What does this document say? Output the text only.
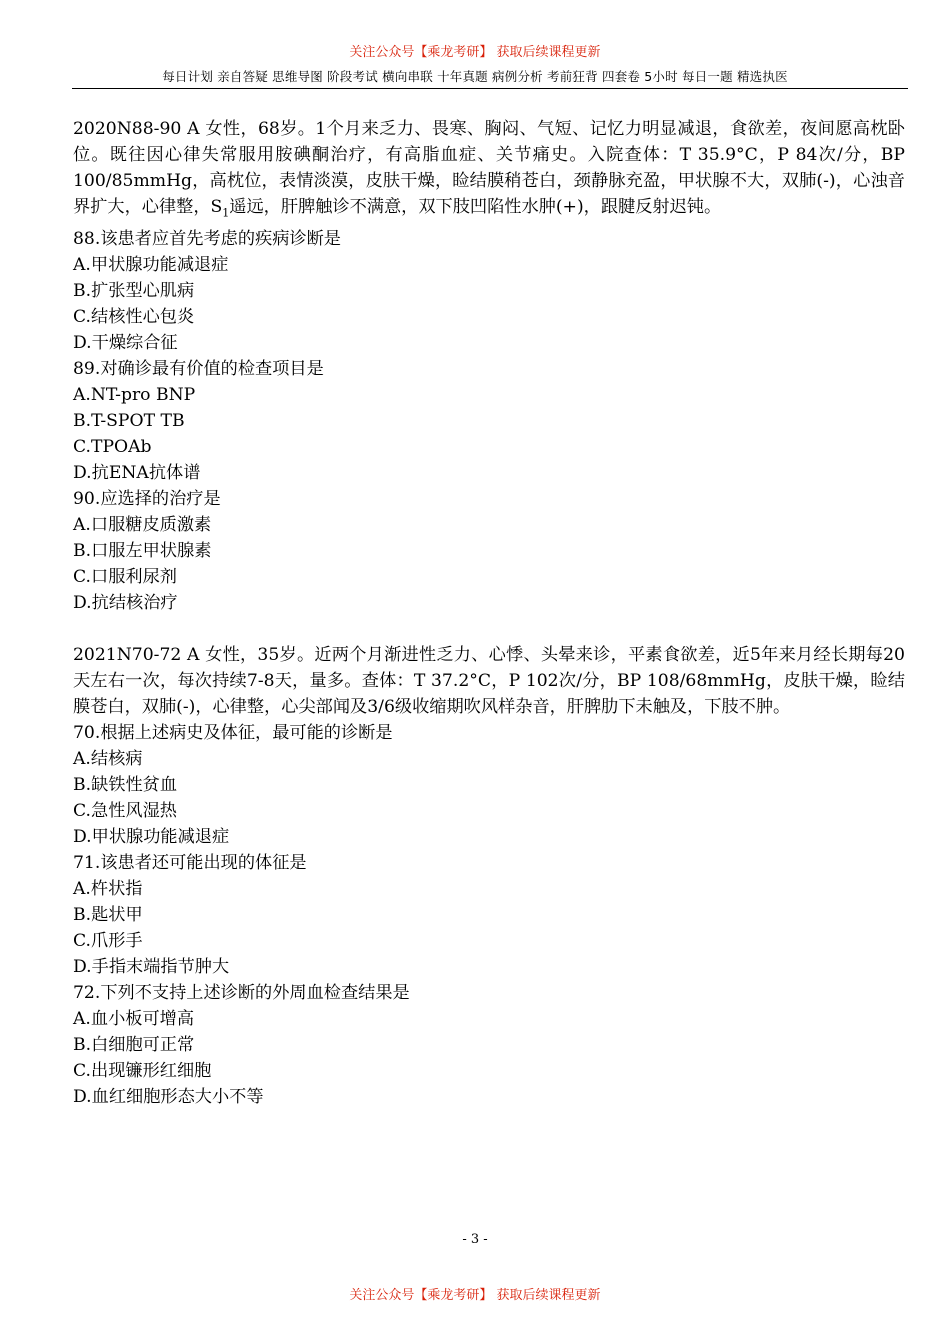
关注公众号【乘龙考研】 获取后续课程更新
每日计划 亲自答疑 思维导图 阶段考试 横向串联 十年真题 病例分析 考前狂背 四套卷 5小时 每日一题 精选执医

2020N88-90 A 女性，68岁。1个月来乏力、畏寒、胸闷、气短、记忆力明显减退，食欲差，夜间愿高枕卧位。既往因心律失常服用胺碘酮治疗，有高脂血症、关节痛史。入院查体：T 35.9°C，P 84次/分，BP 100/85mmHg，高枕位，表情淡漠，皮肤干燥，睑结膜稍苍白，颈静脉充盈，甲状腺不大，双肺(-)，心浊音界扩大，心律整，$S_1$遥远，肝脾触诊不满意，双下肢凹陷性水肿(+)，跟腱反射迟钝。

88.该患者应首先考虑的疾病诊断是

A.甲状腺功能减退症

B.扩张型心肌病

C.结核性心包炎

D.干燥综合征

89.对确诊最有价值的检查项目是

A.NT-pro BNP

B.T-SPOT TB

C.TPOAb

D.抗ENA抗体谱

90.应选择的治疗是

A.口服糖皮质激素

B.口服左甲状腺素

C.口服利尿剂

D.抗结核治疗

2021N70-72 A 女性，35岁。近两个月渐进性乏力、心悸、头晕来诊，平素食欲差，近5年来月经长期每20天左右一次，每次持续7-8天，量多。查体：T 37.2°C，P 102次/分，BP 108/68mmHg，皮肤干燥，睑结膜苍白，双肺(-)，心律整，心尖部闻及3/6级收缩期吹风样杂音，肝脾肋下未触及，下肢不肿。

70.根据上述病史及体征，最可能的诊断是

A.结核病

B.缺铁性贫血

C.急性风湿热

D.甲状腺功能减退症

71.该患者还可能出现的体征是

A.杵状指

B.匙状甲

C.爪形手

D.手指末端指节肿大

72.下列不支持上述诊断的外周血检查结果是

A.血小板可增高

B.白细胞可正常

C.出现镰形红细胞

D.血红细胞形态大小不等

- 3 -
关注公众号【乘龙考研】 获取后续课程更新
